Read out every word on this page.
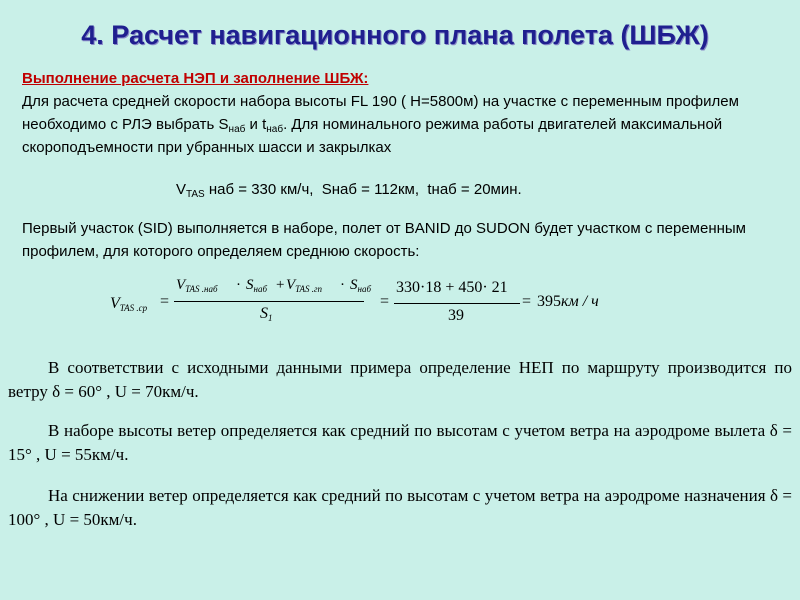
4. Расчет навигационного плана полета (ШБЖ)
Выполнение расчета НЭП и заполнение ШБЖ:

Для расчета средней скорости набора высоты FL 190 ( Н=5800м) на участке с переменным профилем необходимо с РЛЭ выбрать $S_{наб}$ и $t_{наб}$. Для номинального режима работы двигателей максимальной скороподъемности при убранных шасси и закрылках

$V_{TAS}$ наб = 330 км/ч,  Sнаб = 112км,  tнаб = 20мин.

Первый участок (SID) выполняется в наборе, полет от BANID до SUDON будет участком с переменным профилем, для которого определяем среднюю скорость:

$V_{TAS .ср}$ =
$V_{TAS .наб} \cdot S_{наб} + V_{TAS .гп} \cdot S_{наб}$
$S_1$
=
330·18 + 450· 21
39
= 395км / ч

В соответствии с исходными данными примера определение НЕП по маршруту производится по ветру δ = 60° , U = 70км/ч.

В наборе высоты ветер определяется как средний по высотам с учетом ветра на аэродроме вылета δ = 15° , U = 55км/ч.

На снижении ветер определяется как средний по высотам с учетом ветра на аэродроме назначения δ = 100° , U = 50км/ч.
